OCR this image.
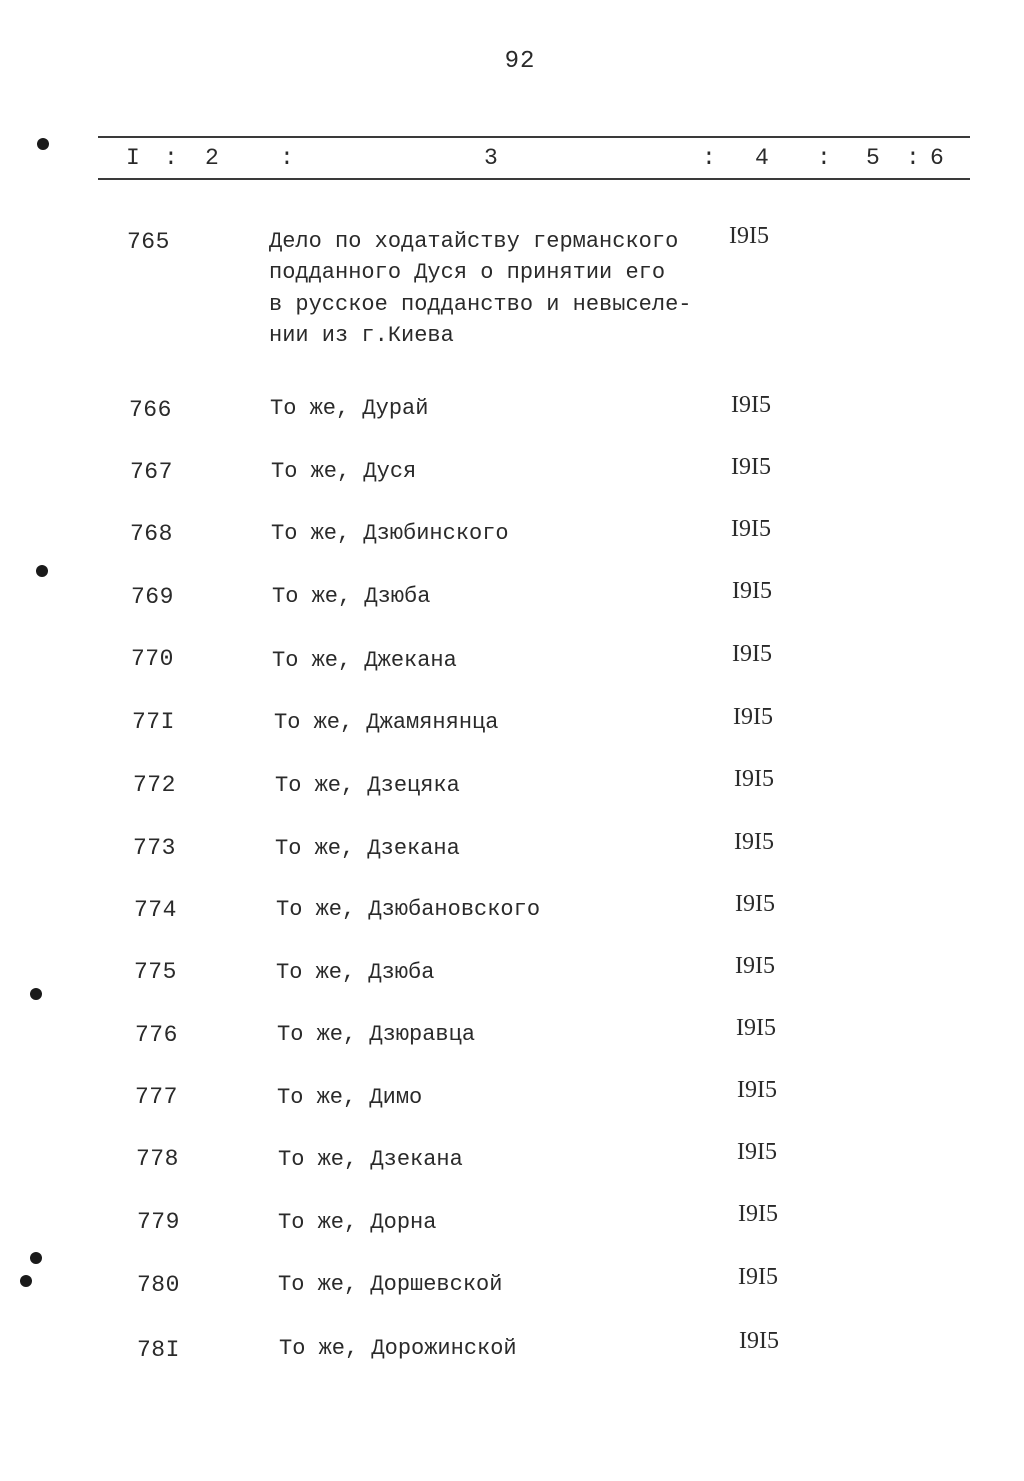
92
I : 2	:	3	: 4 : 5 : 6
765	Дело по ходатайству германского
подданного Дуся о принятии его
в русское подданство и невыселе-
нии из г.Киева
I9I5
766	То же, Дурай	I9I5
767	То же, Дуся	I9I5
768	То же, Дзюбинского	I9I5
769	То же, Дзюба	I9I5
770	То же, Джекана	I9I5
77I	То же, Джамянянца	I9I5
772	То же, Дзецяка	I9I5
773	То же, Дзекана	I9I5
774	То же, Дзюбановского	I9I5
775	То же, Дзюба	I9I5
776	То же, Дзюравца	I9I5
777	То же, Димо	I9I5
778	То же, Дзекана	I9I5
779	То же, Дорна	I9I5
780	То же, Доршевской	I9I5
78I	То же, Дорожинской	I9I5
